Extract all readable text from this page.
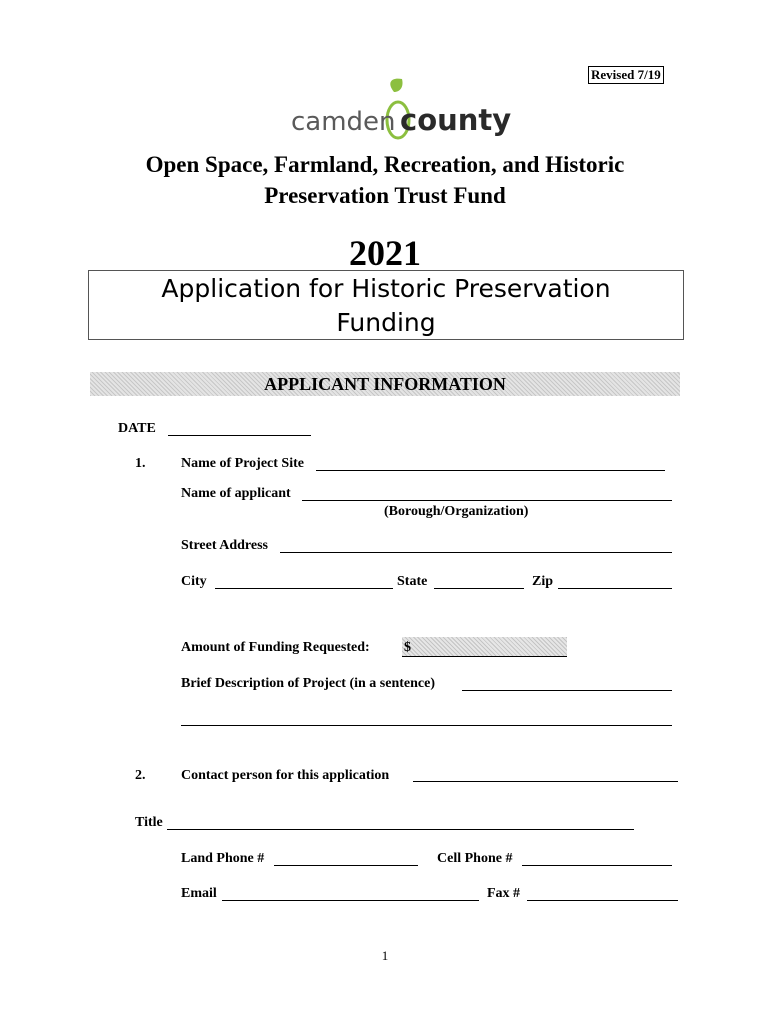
Revised 7/19
camden county
Open Space, Farmland, Recreation, and Historic
Preservation Trust Fund
2021
Application for Historic Preservation
Funding
APPLICANT INFORMATION
DATE
1.	Name of Project Site
Name of applicant
(Borough/Organization)
Street Address
City	State	Zip
Amount of Funding Requested: $
Brief Description of Project (in a sentence)
2.	Contact person for this application
Title
Land Phone #	Cell Phone #
Email	Fax #
1
